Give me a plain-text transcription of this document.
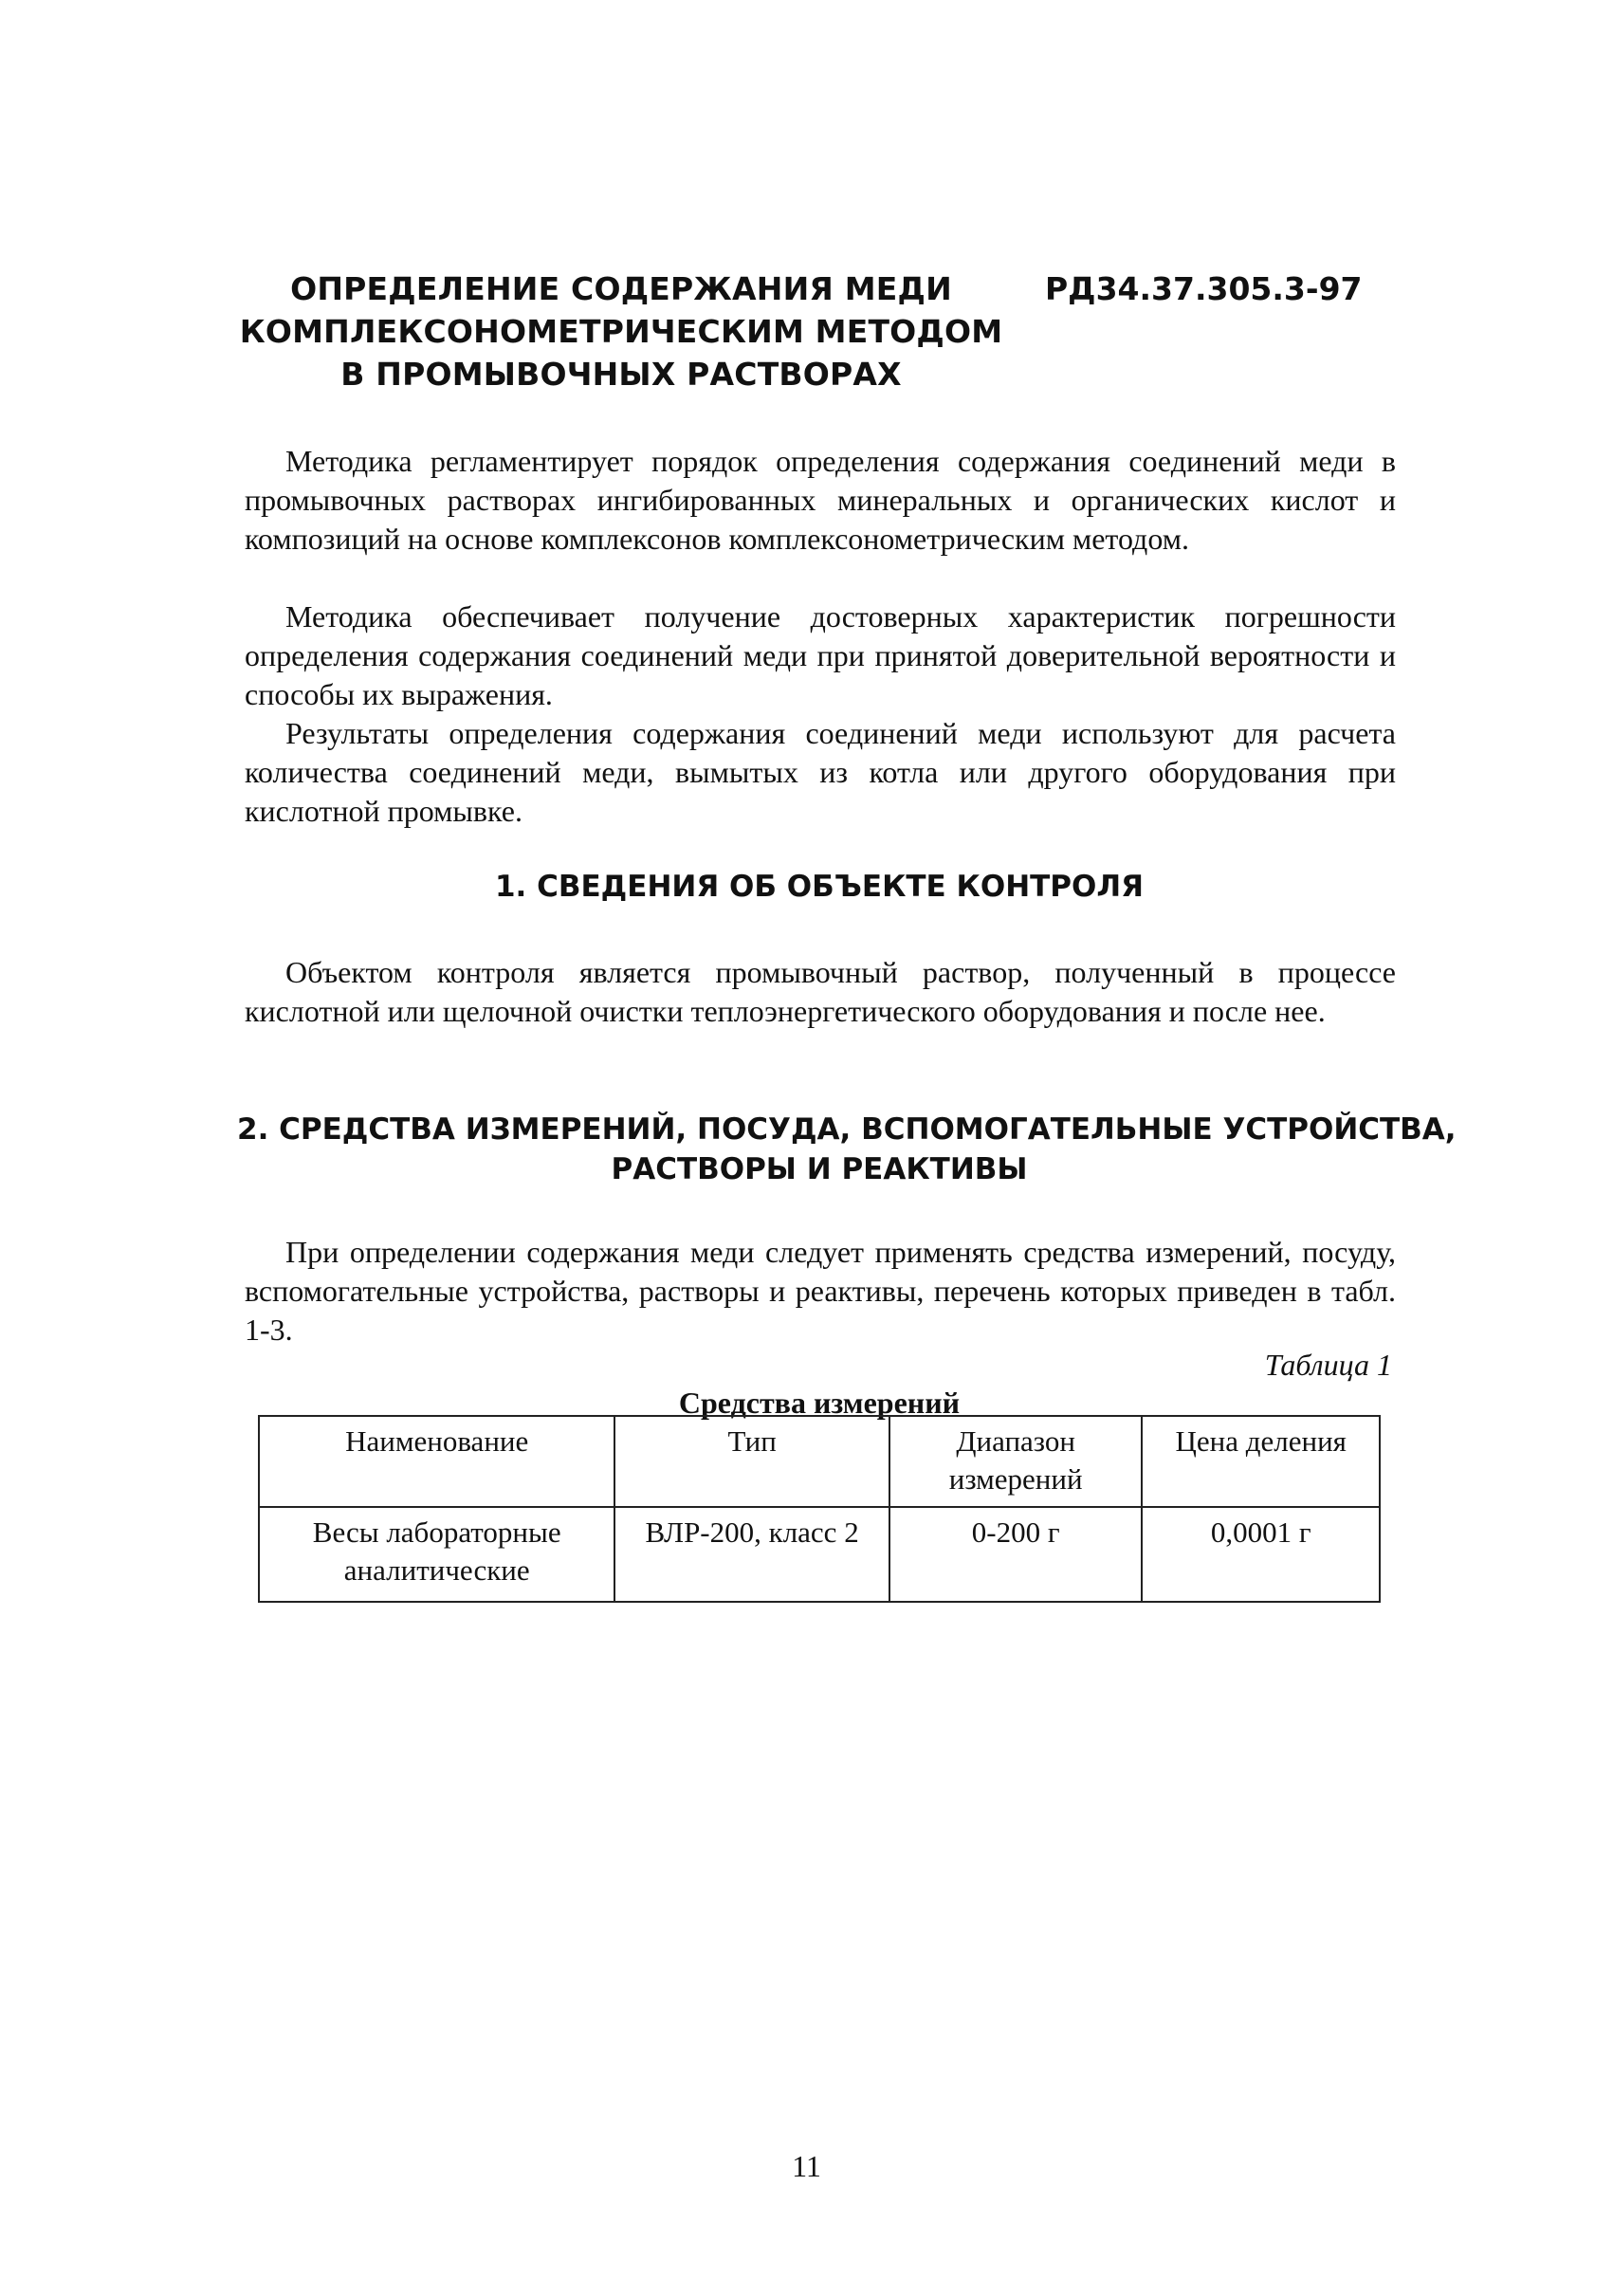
ОПРЕДЕЛЕНИЕ СОДЕРЖАНИЯ МЕДИ
КОМПЛЕКСОНОМЕТРИЧЕСКИМ МЕТОДОМ
В ПРОМЫВОЧНЫХ РАСТВОРАХ
РД34.37.305.3-97

Методика регламентирует порядок определения содержания соединений меди в промывочных растворах ингибированных минеральных и органических кислот и композиций на основе комплексонов комплексонометрическим методом.

Методика обеспечивает получение достоверных характеристик погрешности определения содержания соединений меди при принятой доверительной вероятности и способы их выражения.

Результаты определения содержания соединений меди используют для расчета количества соединений меди, вымытых из котла или другого оборудования при кислотной промывке.

1. СВЕДЕНИЯ ОБ ОБЪЕКТЕ КОНТРОЛЯ

Объектом контроля является промывочный раствор, полученный в процессе кислотной или щелочной очистки теплоэнергетического оборудования и после нее.

2. СРЕДСТВА ИЗМЕРЕНИЙ, ПОСУДА, ВСПОМОГАТЕЛЬНЫЕ УСТРОЙСТВА,
РАСТВОРЫ И РЕАКТИВЫ

При определении содержания меди следует применять средства измерений, посуду, вспомогательные устройства, растворы и реактивы, перечень которых приведен в табл. 1-3.

Таблица 1
Средства измерений
Наименование	Тип	Диапазон измерений	Цена деления
Весы лабораторные аналитические	ВЛР-200, класс 2	0-200 г	0,0001 г
11
